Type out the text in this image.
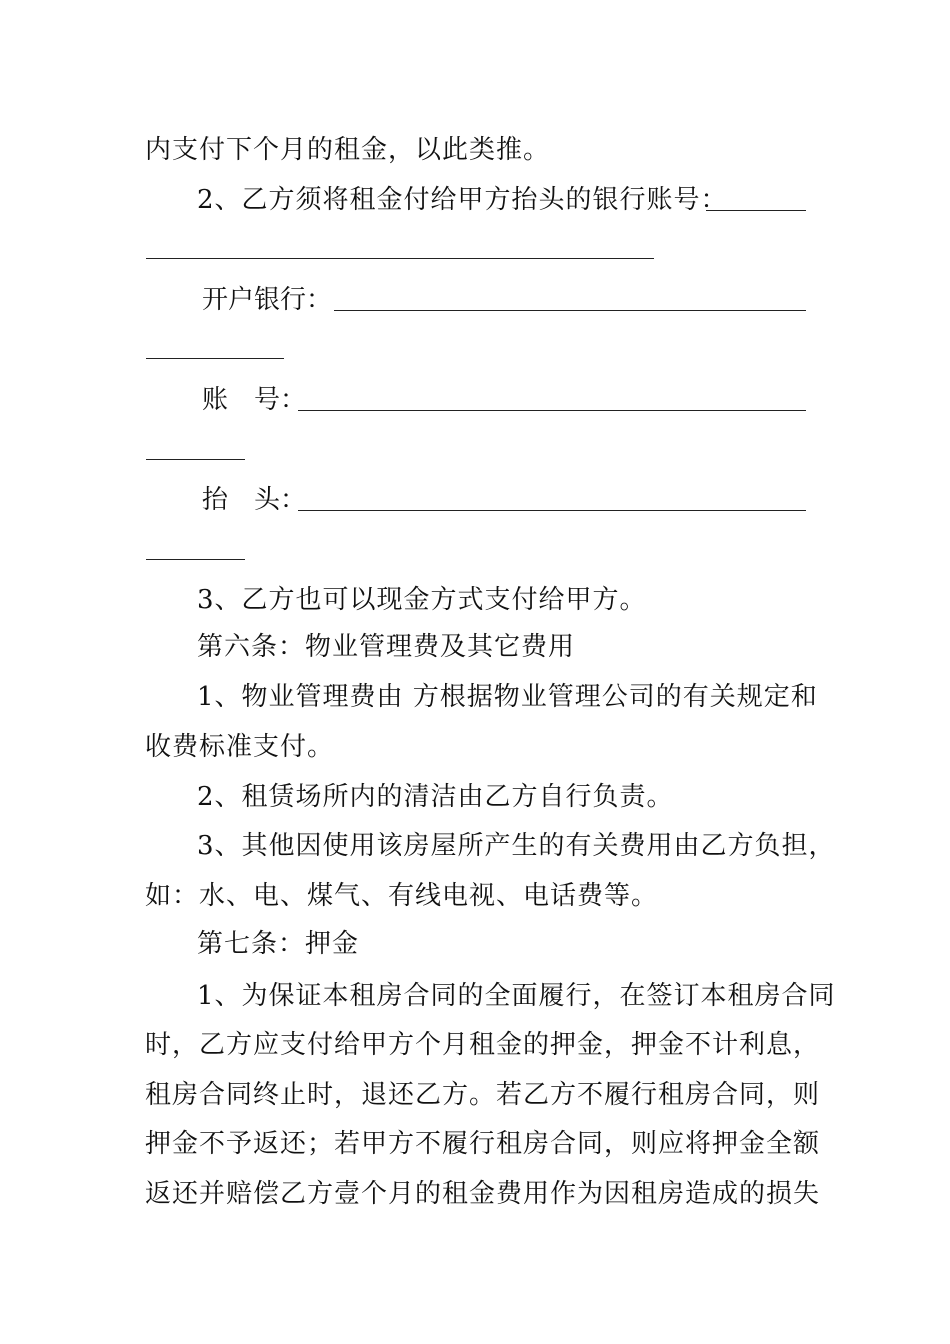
内支付下个月的租金，以此类推。
2、乙方须将租金付给甲方抬头的银行账号：
开户银行：
账　号：
抬　头：
3、乙方也可以现金方式支付给甲方。
第六条：物业管理费及其它费用
1、物业管理费由 方根据物业管理公司的有关规定和
收费标准支付。
2、租赁场所内的清洁由乙方自行负责。
3、其他因使用该房屋所产生的有关费用由乙方负担，
如：水、电、煤气、有线电视、电话费等。
第七条：押金
1、为保证本租房合同的全面履行，在签订本租房合同
时，乙方应支付给甲方个月租金的押金，押金不计利息，
租房合同终止时，退还乙方。若乙方不履行租房合同，则
押金不予返还；若甲方不履行租房合同，则应将押金全额
返还并赔偿乙方壹个月的租金费用作为因租房造成的损失
